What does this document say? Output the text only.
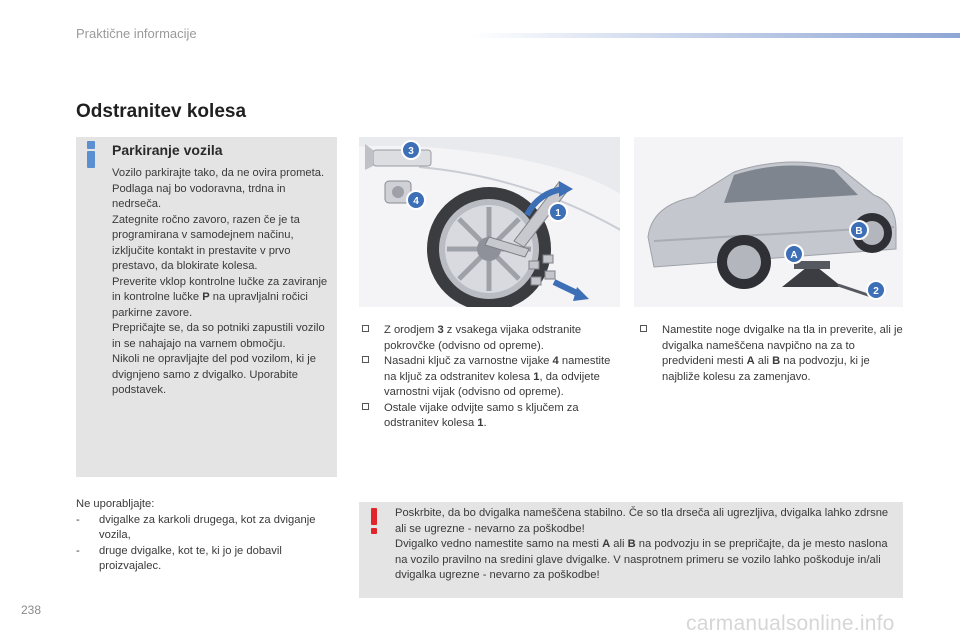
Praktične informacije
Odstranitev kolesa
Parkiranje vozila

Vozilo parkirajte tako, da ne ovira prometa. Podlaga naj bo vodoravna, trdna in nedrseča.

Zategnite ročno zavoro, razen če je ta programirana v samodejnem načinu, izključite kontakt in prestavite v prvo prestavo, da blokirate kolesa.

Preverite vklop kontrolne lučke za zaviranje in kontrolne lučke P na upravljalni ročici parkirne zavore.

Prepričajte se, da so potniki zapustili vozilo in se nahajajo na varnem območju.

Nikoli ne opravljajte del pod vozilom, ki je dvignjeno samo z dvigalko. Uporabite podstavek.

3
4
1
A
B
2
Z orodjem 3 z vsakega vijaka odstranite pokrovčke (odvisno od opreme).
Nasadni ključ za varnostne vijake 4 namestite na ključ za odstranitev kolesa 1, da odvijete varnostni vijak (odvisno od opreme).
Ostale vijake odvijte samo s ključem za odstranitev kolesa 1.
Namestite noge dvigalke na tla in preverite, ali je dvigalka nameščena navpično na za to predvideni mesti A ali B na podvozju, ki je najbliže kolesu za zamenjavo.
Ne uporabljajte:
- dvigalke za karkoli drugega, kot za dviganje vozila,
- druge dvigalke, kot te, ki jo je dobavil proizvajalec.

Poskrbite, da bo dvigalka nameščena stabilno. Če so tla drseča ali ugrezljiva, dvigalka lahko zdrsne ali se ugrezne - nevarno za poškodbe!

Dvigalko vedno namestite samo na mesti A ali B na podvozju in se prepričajte, da je mesto naslona na vozilo pravilno na sredini glave dvigalke. V nasprotnem primeru se vozilo lahko poškoduje in/ali dvigalka ugrezne - nevarno za poškodbe!

238
carmanualsonline.info
